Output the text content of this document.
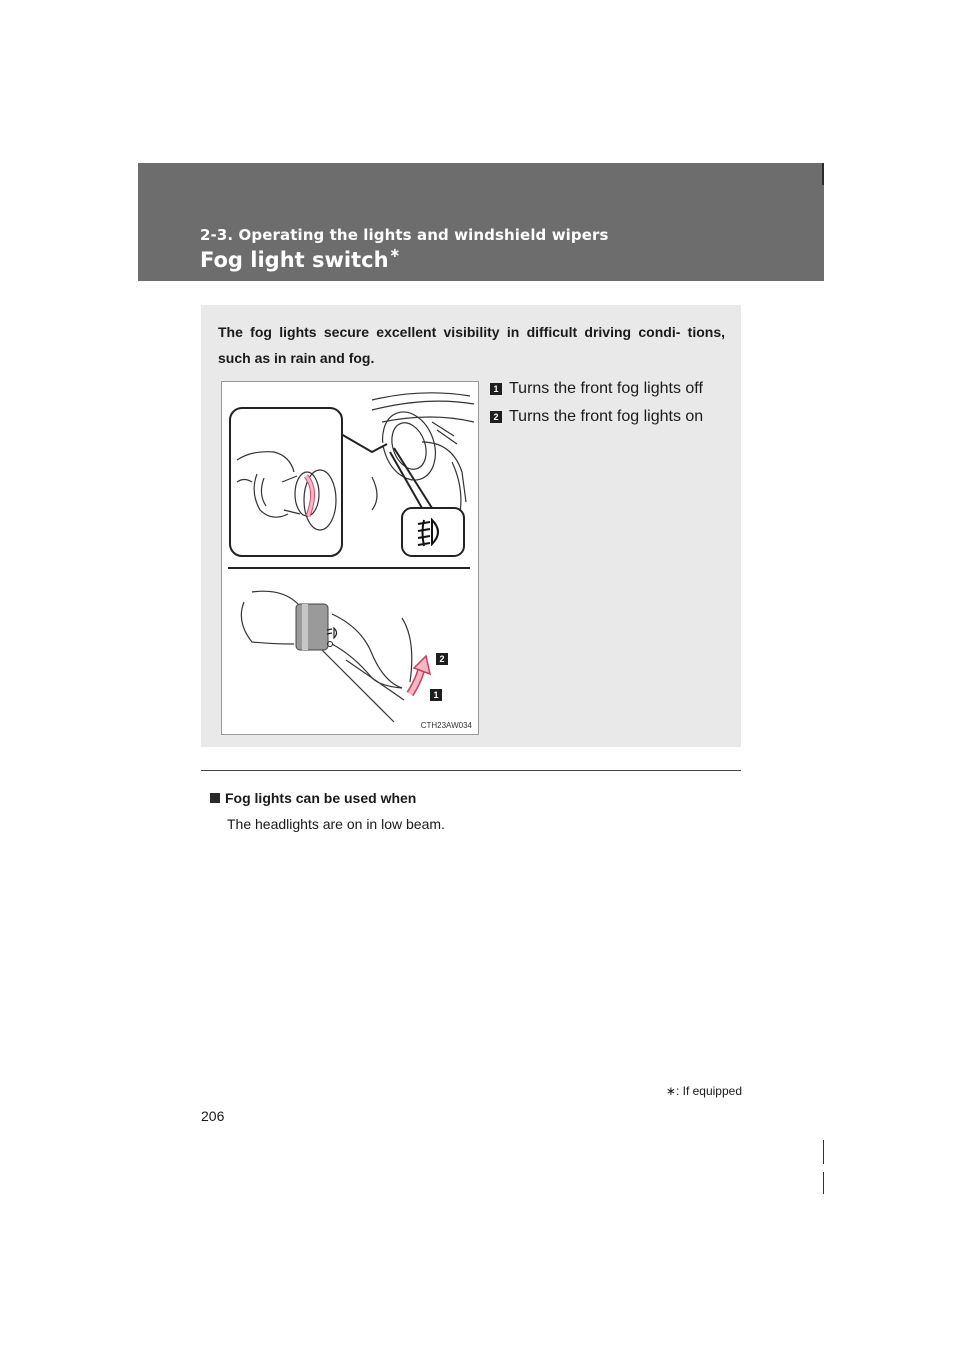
2-3. Operating the lights and windshield wipers

Fog light switch∗

The fog lights secure excellent visibility in difficult driving condi- tions, such as in rain and fog.

2
1
CTH23AW034
1 Turns the front fog lights off
2 Turns the front fog lights on

Fog lights can be used when

The headlights are on in low beam.

∗: If equipped
206
